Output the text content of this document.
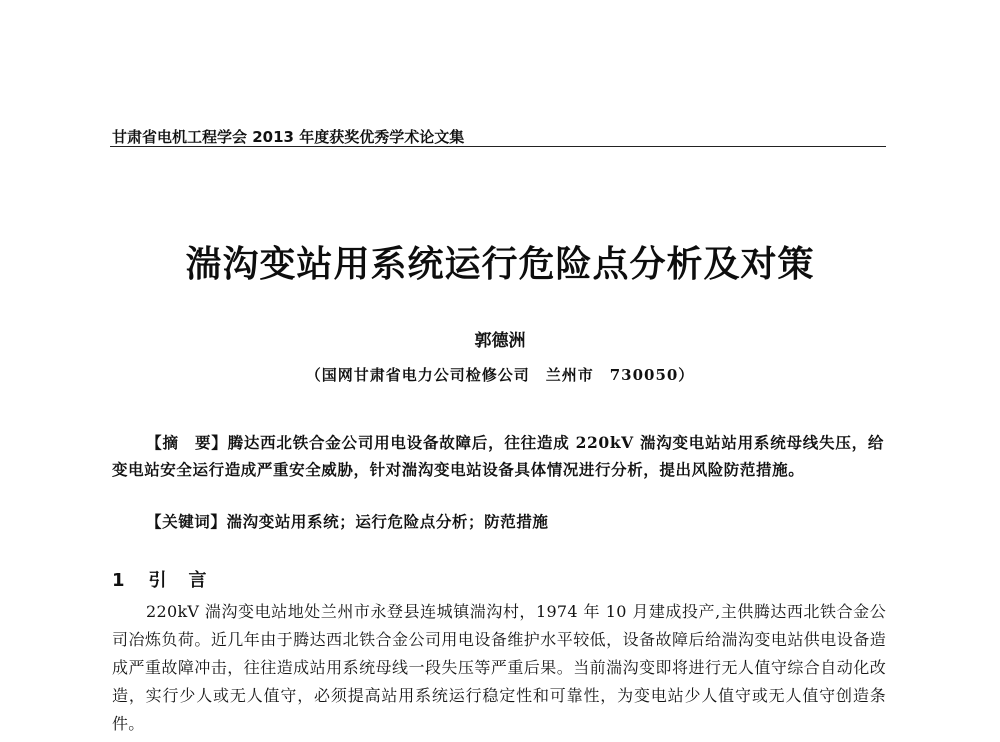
甘肃省电机工程学会 2013 年度获奖优秀学术论文集
湍沟变站用系统运行危险点分析及对策
郭德洲
（国网甘肃省电力公司检修公司　兰州市　730050）
【摘　要】腾达西北铁合金公司用电设备故障后，往往造成 220kV 湍沟变电站站用系统母线失压，给变电站安全运行造成严重安全威胁，针对湍沟变电站设备具体情况进行分析，提出风险防范措施。
【关键词】湍沟变站用系统；运行危险点分析；防范措施
1 引　言
220kV 湍沟变电站地处兰州市永登县连城镇湍沟村，1974 年 10 月建成投产,主供腾达西北铁合金公司冶炼负荷。近几年由于腾达西北铁合金公司用电设备维护水平较低，设备故障后给湍沟变电站供电设备造成严重故障冲击，往往造成站用系统母线一段失压等严重后果。当前湍沟变即将进行无人值守综合自动化改造，实行少人或无人值守，必须提高站用系统运行稳定性和可靠性，为变电站少人值守或无人值守创造条件。
